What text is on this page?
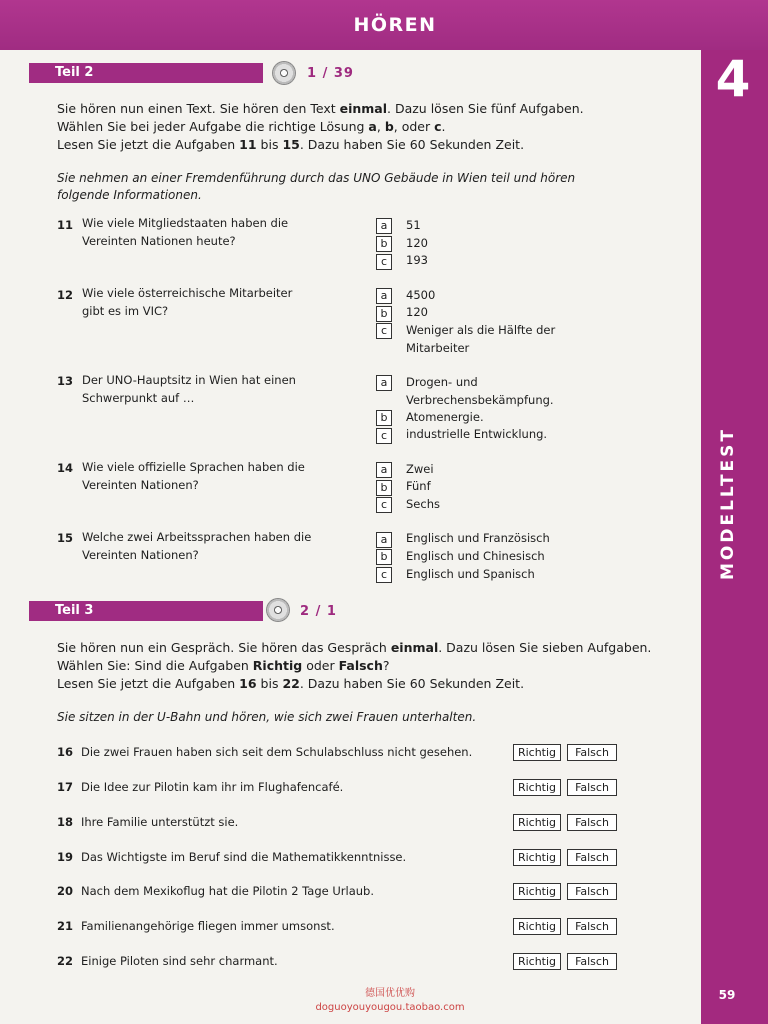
HÖREN
4
MODELLTEST
59
Teil 2	1 / 39

Sie hören nun einen Text. Sie hören den Text einmal. Dazu lösen Sie fünf Aufgaben.

Wählen Sie bei jeder Aufgabe die richtige Lösung a, b, oder c.

Lesen Sie jetzt die Aufgaben 11 bis 15. Dazu haben Sie 60 Sekunden Zeit.

Sie nehmen an einer Fremdenführung durch das UNO Gebäude in Wien teil und hören folgende Informationen.
11 Wie viele Mitgliedstaaten haben die Vereinten Nationen heute?
a	51
b	120
c	193
12 Wie viele österreichische Mitarbeiter gibt es im VIC?
a	4500
b	120
c	Weniger als die Hälfte der Mitarbeiter
13 Der UNO-Hauptsitz in Wien hat einen Schwerpunkt auf …
a	Drogen- und Verbrechensbekämpfung.
b	Atomenergie.
c	industrielle Entwicklung.
14 Wie viele offizielle Sprachen haben die Vereinten Nationen?
a	Zwei
b	Fünf
c	Sechs
15 Welche zwei Arbeitssprachen haben die Vereinten Nationen?
a	Englisch und Französisch
b	Englisch und Chinesisch
c	Englisch und Spanisch
Teil 3	2 / 1

Sie hören nun ein Gespräch. Sie hören das Gespräch einmal. Dazu lösen Sie sieben Aufgaben.

Wählen Sie: Sind die Aufgaben Richtig oder Falsch?

Lesen Sie jetzt die Aufgaben 16 bis 22. Dazu haben Sie 60 Sekunden Zeit.

Sie sitzen in der U-Bahn und hören, wie sich zwei Frauen unterhalten.
16 Die zwei Frauen haben sich seit dem Schulabschluss nicht gesehen.	Richtig	Falsch
17 Die Idee zur Pilotin kam ihr im Flughafencafé.	Richtig	Falsch
18 Ihre Familie unterstützt sie.	Richtig	Falsch
19 Das Wichtigste im Beruf sind die Mathematikkenntnisse.	Richtig	Falsch
20 Nach dem Mexikoflug hat die Pilotin 2 Tage Urlaub.	Richtig	Falsch
21 Familienangehörige fliegen immer umsonst.	Richtig	Falsch
22 Einige Piloten sind sehr charmant.	Richtig	Falsch
德国优优购
doguoyouyougou.taobao.com
